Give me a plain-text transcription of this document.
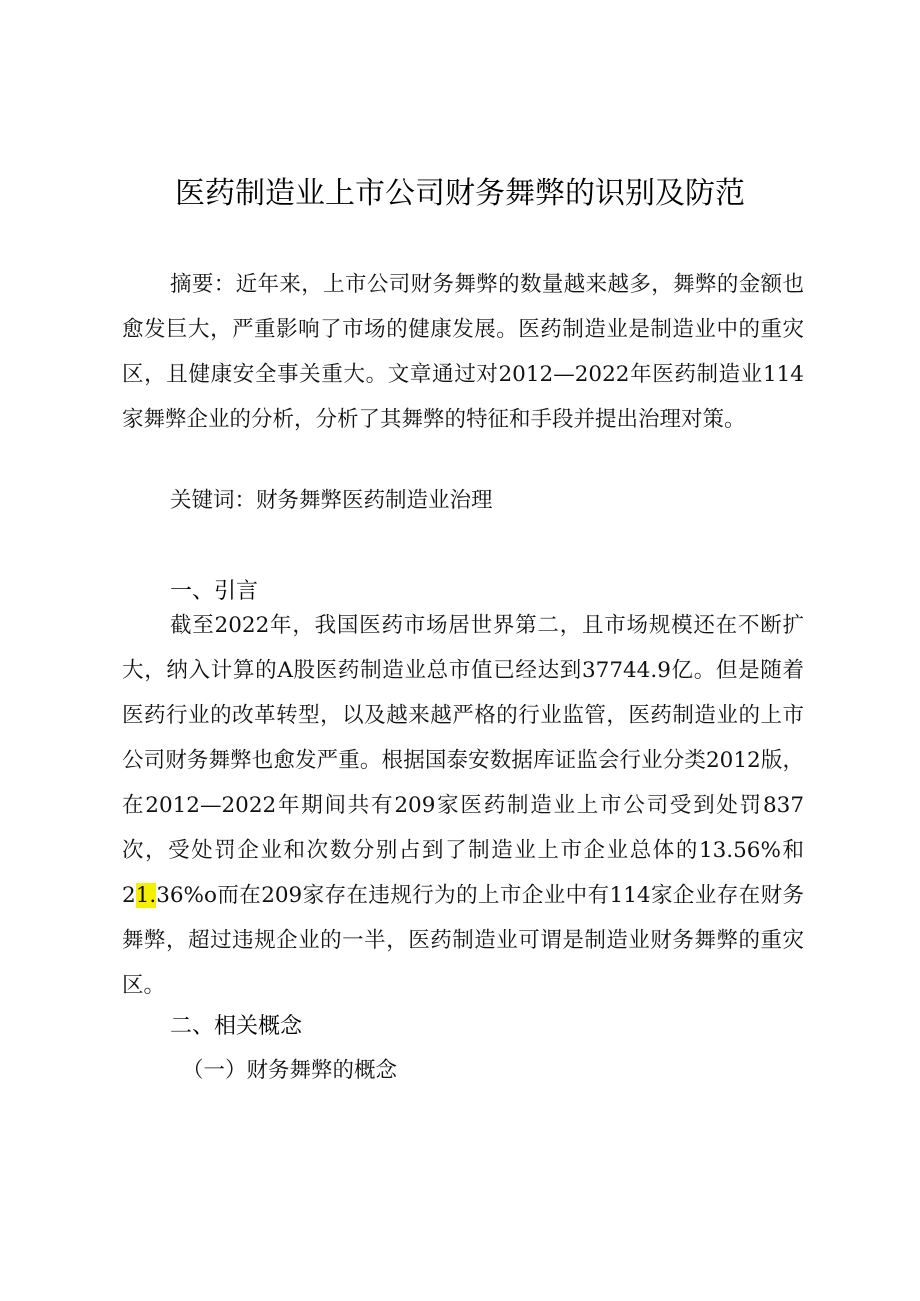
医药制造业上市公司财务舞弊的识别及防范

摘要：近年来，上市公司财务舞弊的数量越来越多，舞弊的金额也愈发巨大，严重影响了市场的健康发展。医药制造业是制造业中的重灾区，且健康安全事关重大。文章通过对2012—2022年医药制造业114家舞弊企业的分析，分析了其舞弊的特征和手段并提出治理对策。

关键词：财务舞弊医药制造业治理

一、引言

截至2022年，我国医药市场居世界第二，且市场规模还在不断扩大，纳入计算的A股医药制造业总市值已经达到37744.9亿。但是随着医药行业的改革转型，以及越来越严格的行业监管，医药制造业的上市公司财务舞弊也愈发严重。根据国泰安数据库证监会行业分类2012版，在2012—2022年期间共有209家医药制造业上市公司受到处罚837次，受处罚企业和次数分别占到了制造业上市企业总体的13.56%和21.36%o而在209家存在违规行为的上市企业中有114家企业存在财务舞弊，超过违规企业的一半，医药制造业可谓是制造业财务舞弊的重灾区。

二、相关概念
（一）财务舞弊的概念
